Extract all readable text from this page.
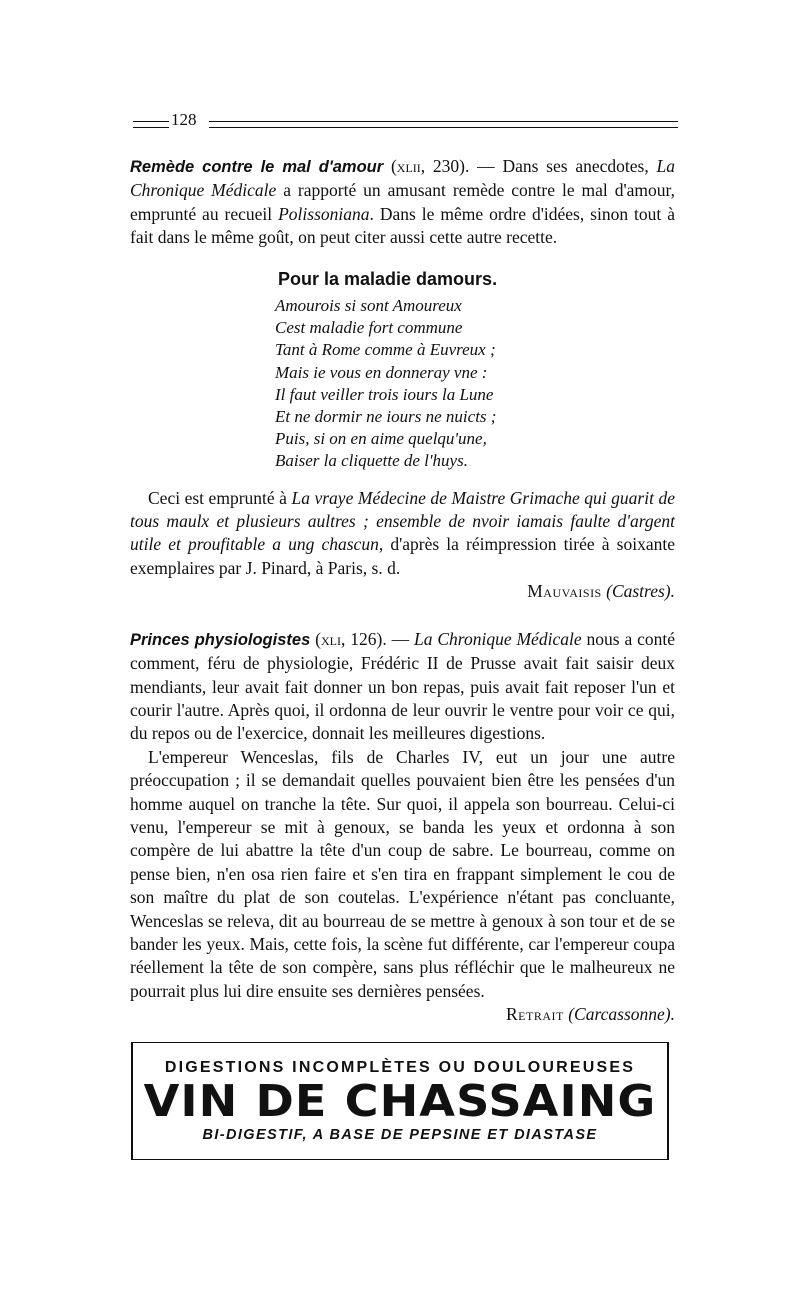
128

Remède contre le mal d'amour (xlii, 230). — Dans ses anecdotes, La Chronique Médicale a rapporté un amusant remède contre le mal d'amour, emprunté au recueil Polissoniana. Dans le même ordre d'idées, sinon tout à fait dans le même goût, on peut citer aussi cette autre recette.

Pour la maladie damours.
Amourois si sont Amoureux
Cest maladie fort commune
Tant à Rome comme à Euvreux ;
Mais ie vous en donneray vne :
Il faut veiller trois iours la Lune
Et ne dormir ne iours ne nuicts ;
Puis, si on en aime quelqu'une,
Baiser la cliquette de l'huys.

Ceci est emprunté à La vraye Médecine de Maistre Grimache qui guarit de tous maulx et plusieurs aultres ; ensemble de nvoir iamais faulte d'argent utile et proufitable a ung chascun, d'après la réimpression tirée à soixante exemplaires par J. Pinard, à Paris, s. d.

Mauvaisis (Castres).

Princes physiologistes (xli, 126). — La Chronique Médicale nous a conté comment, féru de physiologie, Frédéric II de Prusse avait fait saisir deux mendiants, leur avait fait donner un bon repas, puis avait fait reposer l'un et courir l'autre. Après quoi, il ordonna de leur ouvrir le ventre pour voir ce qui, du repos ou de l'exercice, donnait les meilleures digestions.

L'empereur Wenceslas, fils de Charles IV, eut un jour une autre préoccupation ; il se demandait quelles pouvaient bien être les pensées d'un homme auquel on tranche la tête. Sur quoi, il appela son bourreau. Celui-ci venu, l'empereur se mit à genoux, se banda les yeux et ordonna à son compère de lui abattre la tête d'un coup de sabre. Le bourreau, comme on pense bien, n'en osa rien faire et s'en tira en frappant simplement le cou de son maître du plat de son coutelas. L'expérience n'étant pas concluante, Wenceslas se releva, dit au bourreau de se mettre à genoux à son tour et de se bander les yeux. Mais, cette fois, la scène fut différente, car l'empereur coupa réellement la tête de son compère, sans plus réfléchir que le malheureux ne pourrait plus lui dire ensuite ses dernières pensées.
Retrait (Carcassonne).

DIGESTIONS INCOMPLÈTES OU DOULOUREUSES
VIN DE CHASSAING
BI-DIGESTIF, A BASE DE PEPSINE ET DIASTASE
